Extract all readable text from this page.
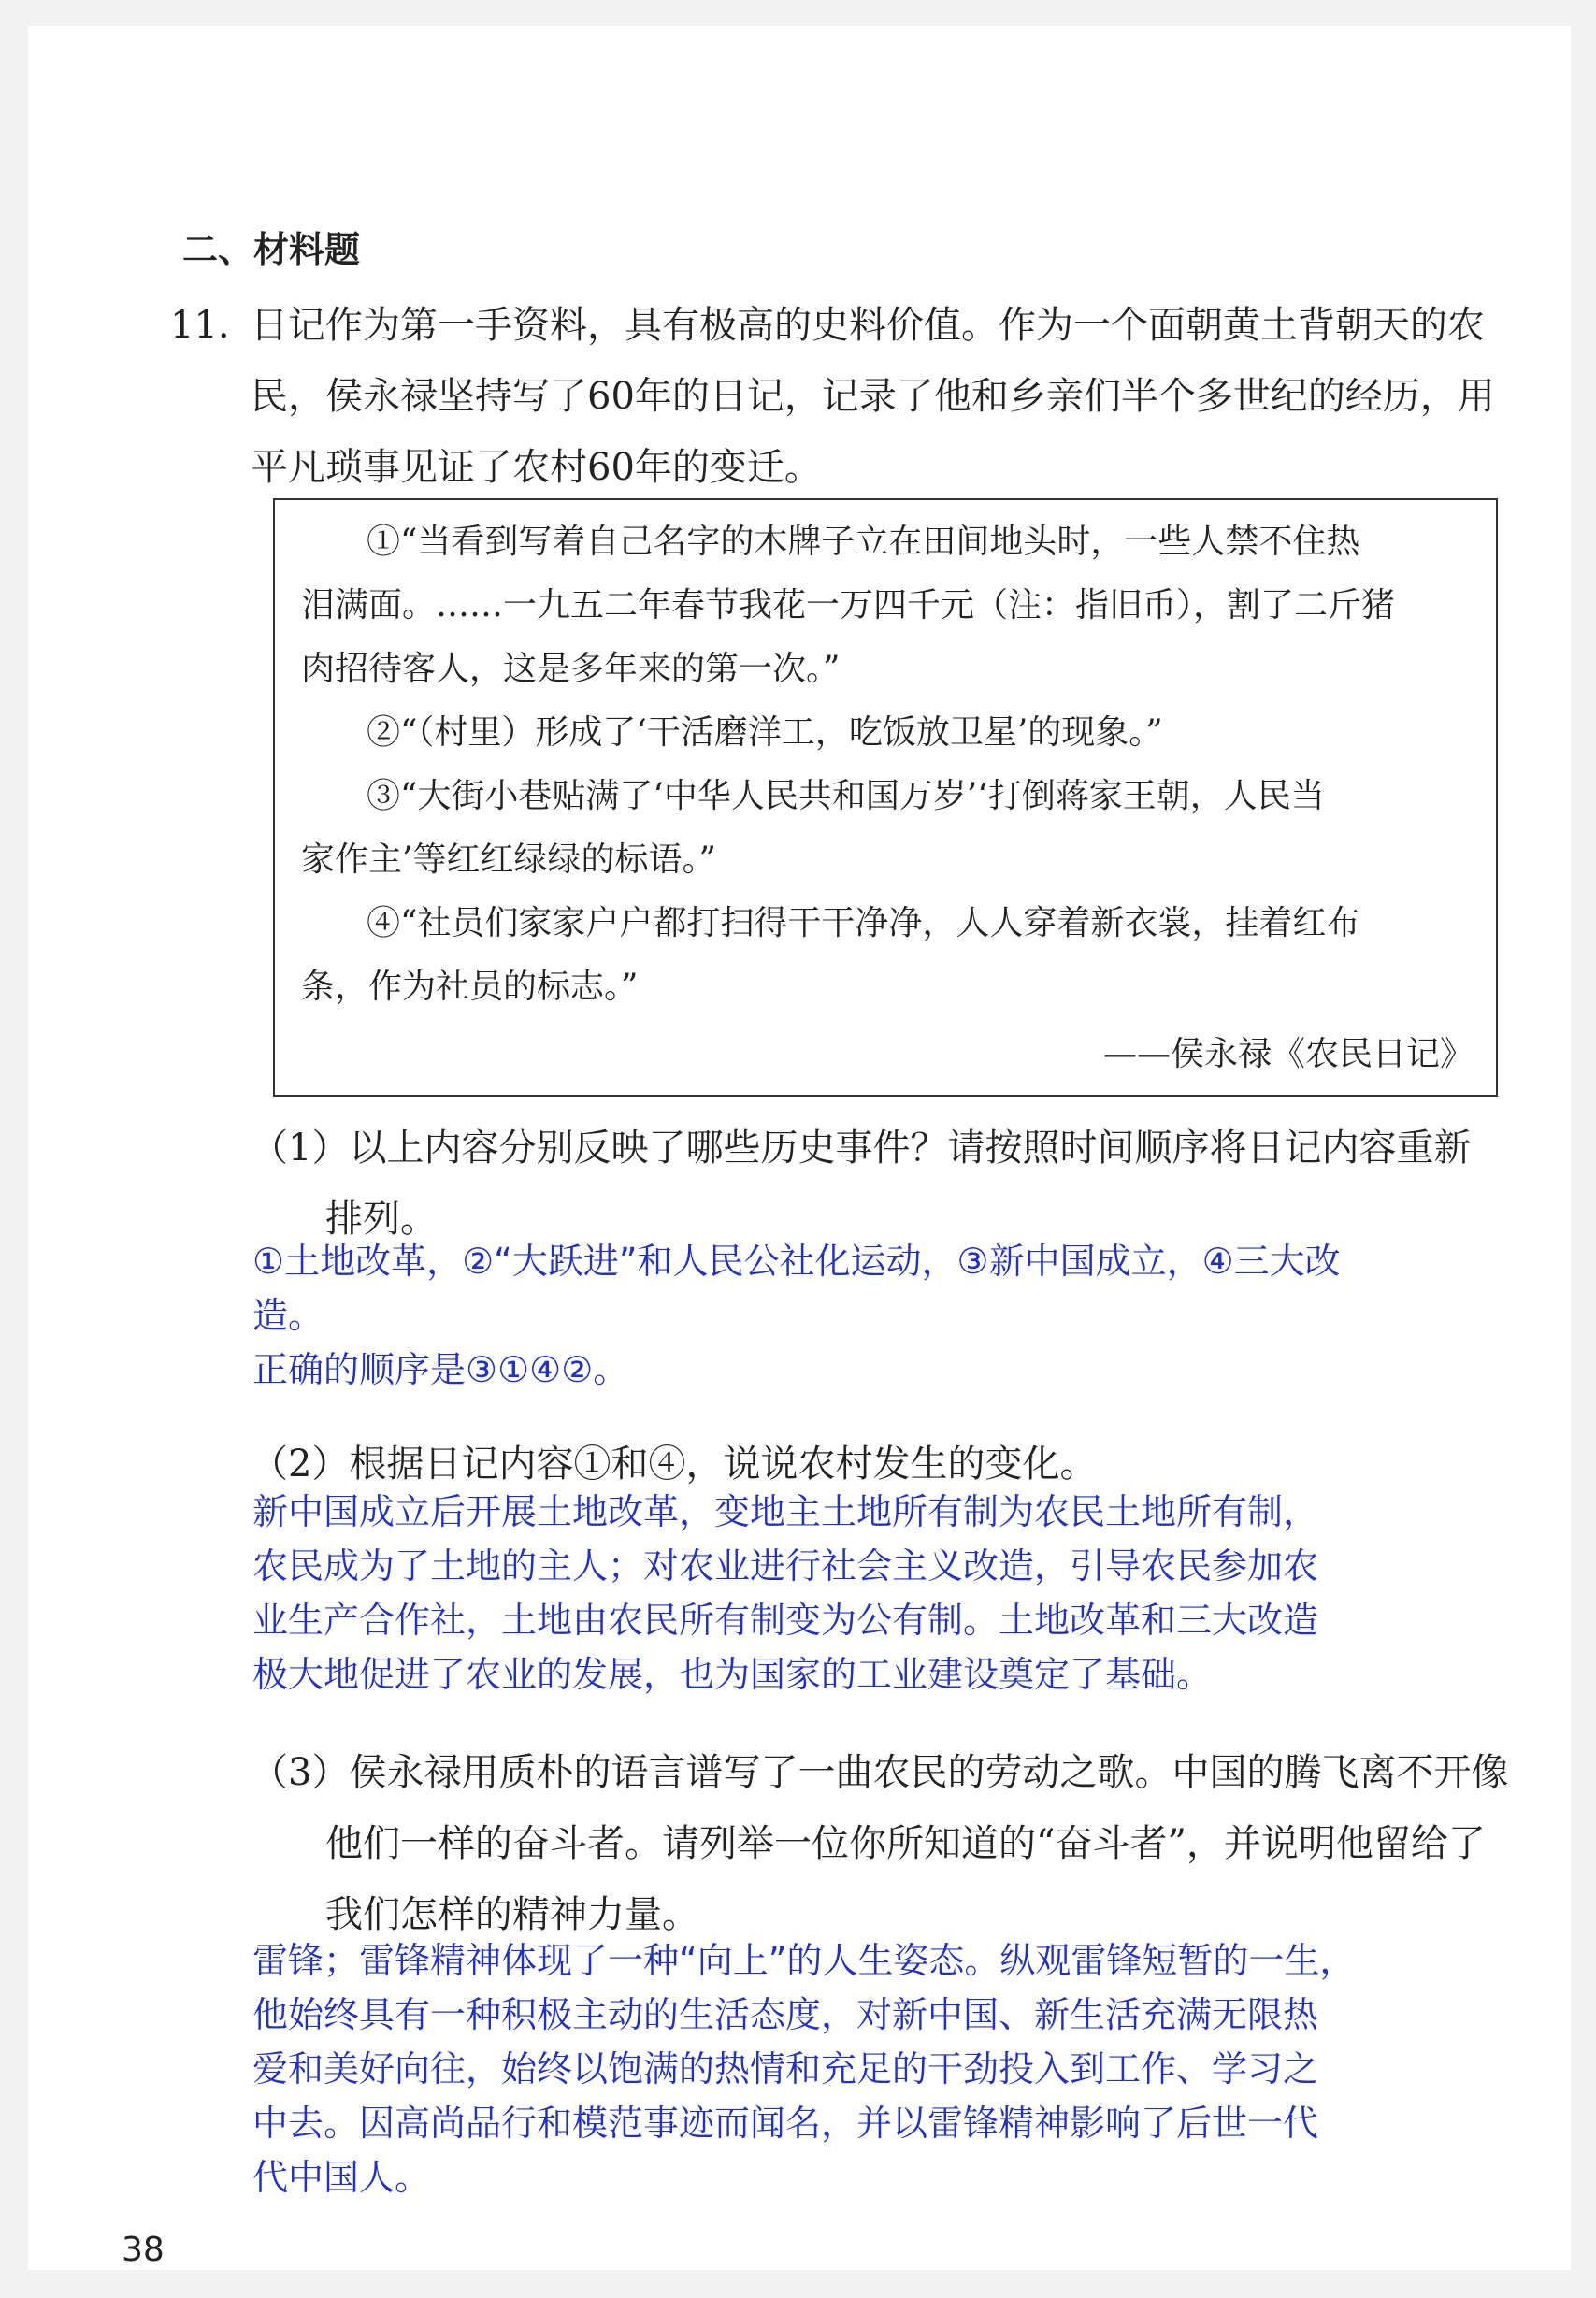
二、材料题
11. 日记作为第一手资料，具有极高的史料价值。作为一个面朝黄土背朝天的农
民，侯永禄坚持写了60年的日记，记录了他和乡亲们半个多世纪的经历，用
平凡琐事见证了农村60年的变迁。
①“当看到写着自己名字的木牌子立在田间地头时，一些人禁不住热
泪满面。……一九五二年春节我花一万四千元（注：指旧币），割了二斤猪
肉招待客人，这是多年来的第一次。”
②“（村里）形成了‘干活磨洋工，吃饭放卫星’的现象。”
③“大街小巷贴满了‘中华人民共和国万岁’‘打倒蒋家王朝，人民当
家作主’等红红绿绿的标语。”
④“社员们家家户户都打扫得干干净净，人人穿着新衣裳，挂着红布
条，作为社员的标志。”
——侯永禄《农民日记》
（1）以上内容分别反映了哪些历史事件？请按照时间顺序将日记内容重新
排列。
①土地改革，②“大跃进”和人民公社化运动，③新中国成立，④三大改
造。
正确的顺序是③①④②。
（2）根据日记内容①和④，说说农村发生的变化。
新中国成立后开展土地改革，变地主土地所有制为农民土地所有制，
农民成为了土地的主人；对农业进行社会主义改造，引导农民参加农
业生产合作社，土地由农民所有制变为公有制。土地改革和三大改造
极大地促进了农业的发展，也为国家的工业建设奠定了基础。
（3）侯永禄用质朴的语言谱写了一曲农民的劳动之歌。中国的腾飞离不开像
他们一样的奋斗者。请列举一位你所知道的“奋斗者”，并说明他留给了
我们怎样的精神力量。
雷锋；雷锋精神体现了一种“向上”的人生姿态。纵观雷锋短暂的一生，
他始终具有一种积极主动的生活态度，对新中国、新生活充满无限热
爱和美好向往，始终以饱满的热情和充足的干劲投入到工作、学习之
中去。因高尚品行和模范事迹而闻名，并以雷锋精神影响了后世一代
代中国人。
38
